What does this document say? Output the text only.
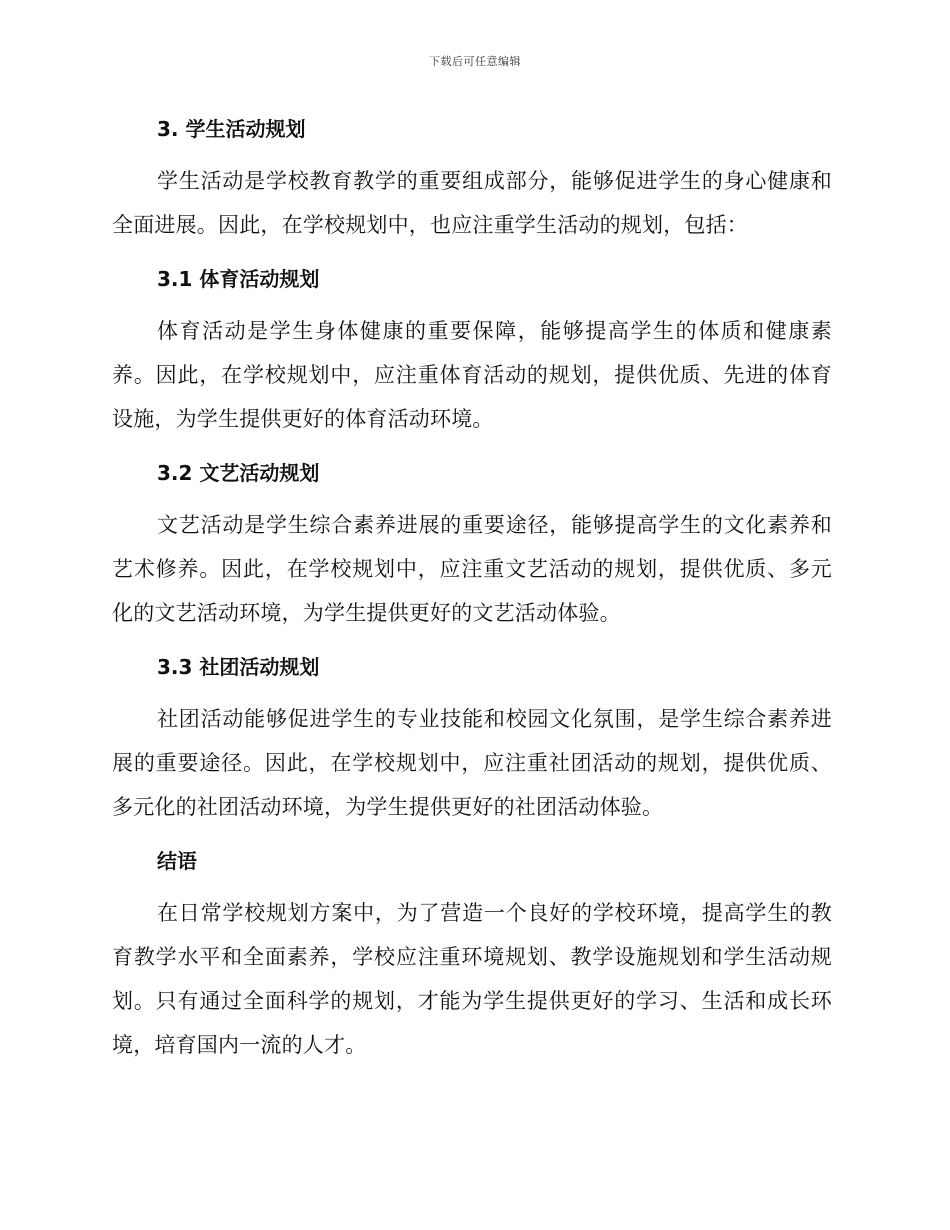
下载后可任意编辑
3. 学生活动规划
学生活动是学校教育教学的重要组成部分，能够促进学生的身心健康和全面进展。因此，在学校规划中，也应注重学生活动的规划，包括：
3.1 体育活动规划
体育活动是学生身体健康的重要保障，能够提高学生的体质和健康素养。因此，在学校规划中，应注重体育活动的规划，提供优质、先进的体育设施，为学生提供更好的体育活动环境。
3.2 文艺活动规划
文艺活动是学生综合素养进展的重要途径，能够提高学生的文化素养和艺术修养。因此，在学校规划中，应注重文艺活动的规划，提供优质、多元化的文艺活动环境，为学生提供更好的文艺活动体验。
3.3 社团活动规划
社团活动能够促进学生的专业技能和校园文化氛围，是学生综合素养进展的重要途径。因此，在学校规划中，应注重社团活动的规划，提供优质、多元化的社团活动环境，为学生提供更好的社团活动体验。
结语
在日常学校规划方案中，为了营造一个良好的学校环境，提高学生的教育教学水平和全面素养，学校应注重环境规划、教学设施规划和学生活动规划。只有通过全面科学的规划，才能为学生提供更好的学习、生活和成长环境，培育国内一流的人才。
